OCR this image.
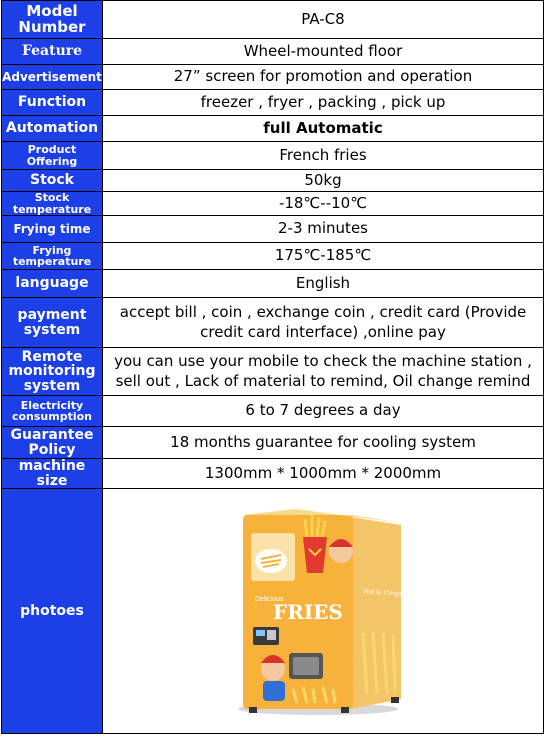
Model Number	PA-C8
Feature	Wheel-mounted floor
Advertisement	27” screen for promotion and operation
Function	freezer , fryer , packing , pick up
Automation	full Automatic
Product Offering	French fries
Stock	50kg
Stock temperature	-18℃--10℃
Frying time	2-3 minutes
Frying temperature	175℃-185℃
language	English
payment system	accept bill , coin , exchange coin , credit card (Provide credit card interface) ,online pay
Remote monitoring system	you can use your mobile to check the machine station , sell out , Lack of material to remind, Oil change remind
Electricity consumption	6 to 7 degrees a day
Guarantee Policy	18 months guarantee for cooling system
machine size	1300mm * 1000mm * 2000mm
photoes	Delicious
FRIES
Hot & Crispy French Fries
